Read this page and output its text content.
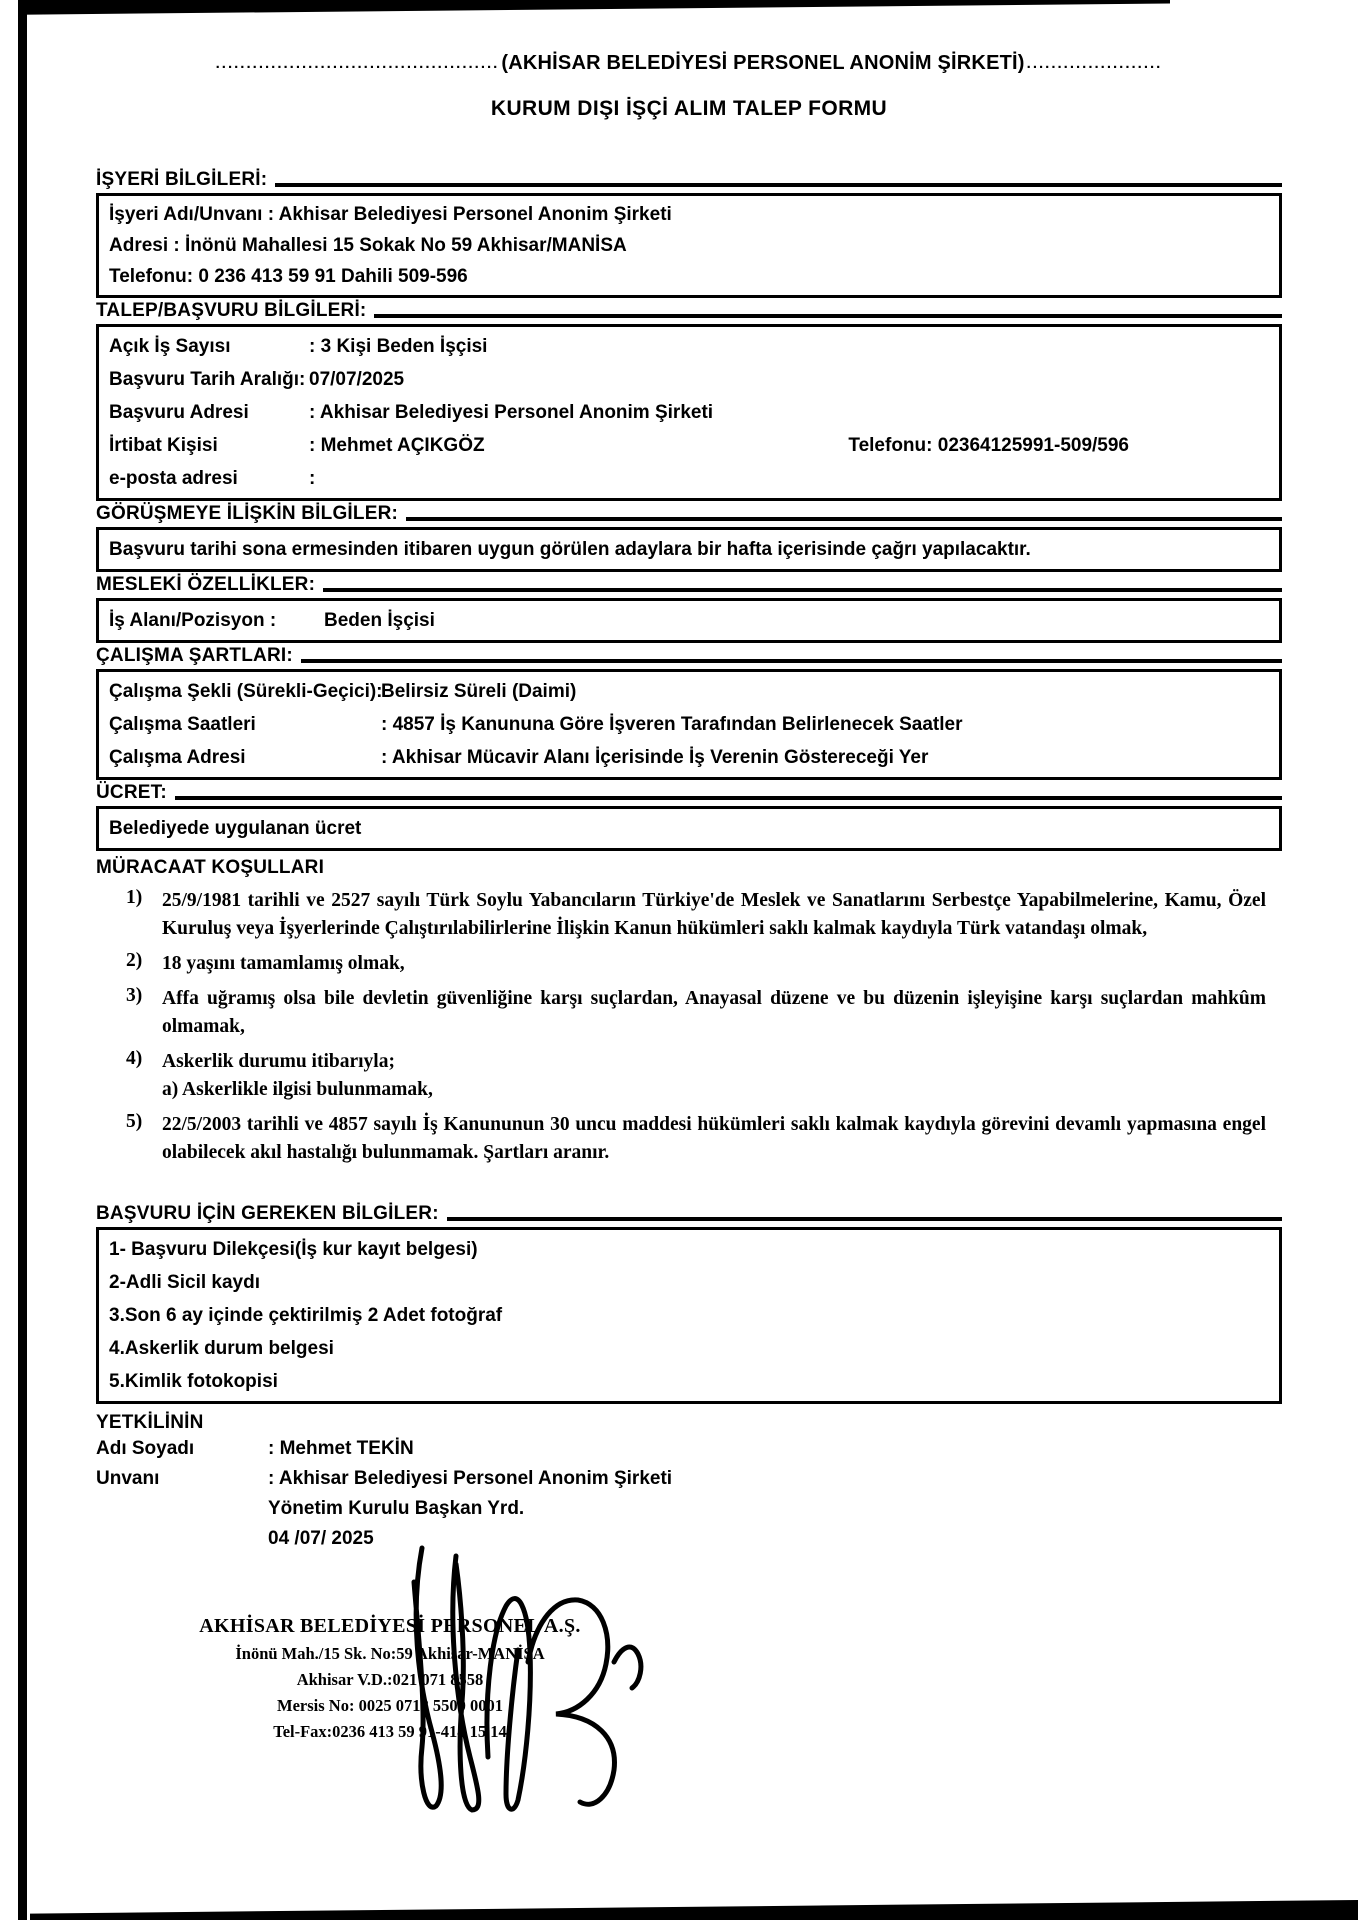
.............................................. (AKHİSAR BELEDİYESİ PERSONEL ANONİM ŞİRKETİ) ......................
KURUM DIŞI İŞÇİ ALIM TALEP FORMU
İŞYERİ BİLGİLERİ:
İşyeri Adı/Unvanı : Akhisar Belediyesi Personel Anonim Şirketi
Adresi : İnönü Mahallesi 15 Sokak No 59 Akhisar/MANİSA
Telefonu: 0 236 413 59 91 Dahili 509-596
TALEP/BAŞVURU BİLGİLERİ:
Açık İş Sayısı	: 3 Kişi Beden İşçisi
Başvuru Tarih Aralığı: 07/07/2025
Başvuru Adresi	: Akhisar Belediyesi Personel Anonim Şirketi
İrtibat Kişisi	: Mehmet AÇIKGÖZ	Telefonu: 02364125991-509/596
e-posta adresi	:
GÖRÜŞMEYE İLİŞKİN BİLGİLER:
Başvuru tarihi sona ermesinden itibaren uygun görülen adaylara bir hafta içerisinde çağrı yapılacaktır.
MESLEKİ ÖZELLİKLER:
İş Alanı/Pozisyon :	Beden İşçisi
ÇALIŞMA ŞARTLARI:
Çalışma Şekli (Sürekli-Geçici):
Belirsiz Süreli (Daimi)
Çalışma Saatleri	: 4857 İş Kanununa Göre İşveren Tarafından Belirlenecek Saatler
Çalışma Adresi	: Akhisar Mücavir Alanı İçerisinde İş Verenin Göstereceği Yer
ÜCRET:
Belediyede uygulanan ücret
MÜRACAAT KOŞULLARI
1)	25/9/1981 tarihli ve 2527 sayılı Türk Soylu Yabancıların Türkiye'de Meslek ve Sanatlarını Serbestçe Yapabilmelerine, Kamu, Özel Kuruluş veya İşyerlerinde Çalıştırılabilirlerine İlişkin Kanun hükümleri saklı kalmak kaydıyla Türk vatandaşı olmak,
2)	18 yaşını tamamlamış olmak,
3)	Affa uğramış olsa bile devletin güvenliğine karşı suçlardan, Anayasal düzene ve bu düzenin işleyişine karşı suçlardan mahkûm olmamak,
4)	Askerlik durumu itibarıyla;
a) Askerlikle ilgisi bulunmamak,
5)	22/5/2003 tarihli ve 4857 sayılı İş Kanununun 30 uncu maddesi hükümleri saklı kalmak kaydıyla görevini devamlı yapmasına engel olabilecek akıl hastalığı bulunmamak. Şartları aranır.
BAŞVURU İÇİN GEREKEN BİLGİLER:
1- Başvuru Dilekçesi(İş kur kayıt belgesi)
2-Adli Sicil kaydı
3.Son 6 ay içinde çektirilmiş 2 Adet fotoğraf
4.Askerlik durum belgesi
5.Kimlik fotokopisi
YETKİLİNİN
Adı Soyadı	: Mehmet TEKİN
Unvanı	: Akhisar Belediyesi Personel Anonim Şirketi
Yönetim Kurulu Başkan Yrd.
04 /07/ 2025
AKHİSAR BELEDİYESİ PERSONEL A.Ş.
İnönü Mah./15 Sk. No:59 Akhisar-MANİSA
Akhisar V.D.:021 071 8558
Mersis No: 0025 0718 5500 0001
Tel-Fax:0236 413 59 91-414 15 14
